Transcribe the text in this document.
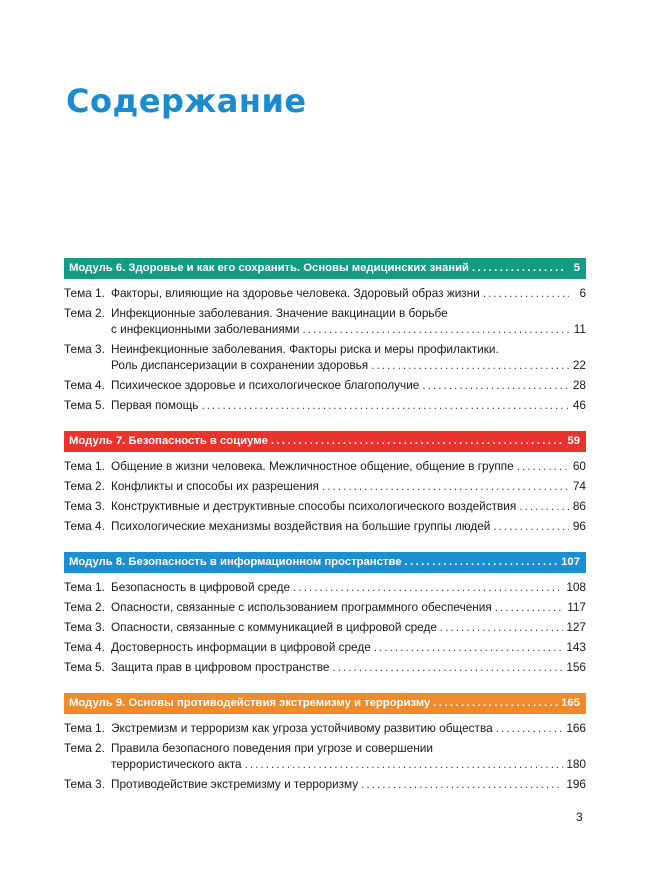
Содержание
Модуль 6. Здоровье и как его сохранить. Основы медицинских знаний .....	5
Тема 1. Факторы, влияющие на здоровье человека. Здоровый образ жизни .....	6
Тема 2. Инфекционные заболевания. Значение вакцинации в борьбе
с инфекционными заболеваниями .....	11
Тема 3. Неинфекционные заболевания. Факторы риска и меры профилактики.
Роль диспансеризации в сохранении здоровья .....	22
Тема 4. Психическое здоровье и психологическое благополучие .....	28
Тема 5. Первая помощь .....	46
Модуль 7. Безопасность в социуме .....	59
Тема 1. Общение в жизни человека. Межличностное общение, общение в группе .....	60
Тема 2. Конфликты и способы их разрешения .....	74
Тема 3. Конструктивные и деструктивные способы психологического воздействия .....	86
Тема 4. Психологические механизмы воздействия на большие группы людей .....	96
Модуль 8. Безопасность в информационном пространстве .....	107
Тема 1. Безопасность в цифровой среде .....	108
Тема 2. Опасности, связанные с использованием программного обеспечения .....	117
Тема 3. Опасности, связанные с коммуникацией в цифровой среде .....	127
Тема 4. Достоверность информации в цифровой среде .....	143
Тема 5. Защита прав в цифровом пространстве .....	156
Модуль 9. Основы противодействия экстремизму и терроризму .....	165
Тема 1. Экстремизм и терроризм как угроза устойчивому развитию общества .....	166
Тема 2. Правила безопасного поведения при угрозе и совершении
террористического акта .....	180
Тема 3. Противодействие экстремизму и терроризму .....	196
3
